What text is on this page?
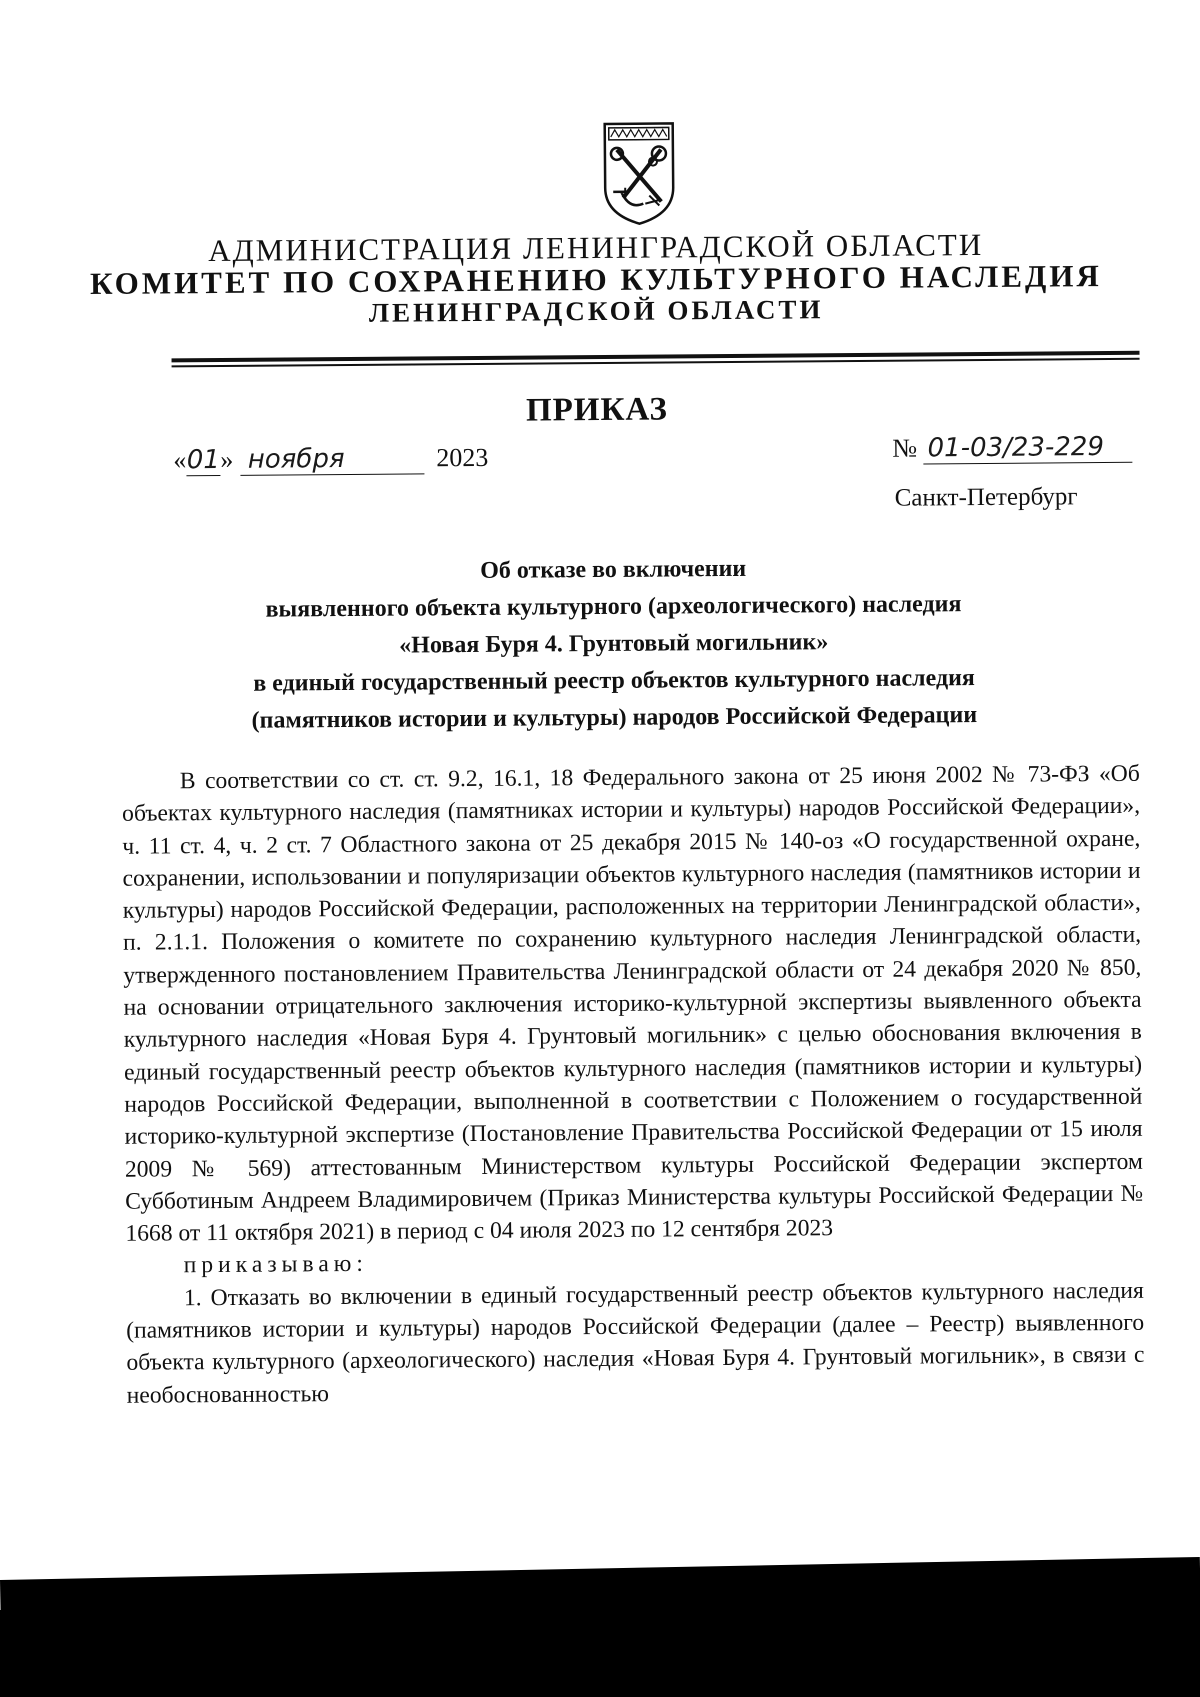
АДМИНИСТРАЦИЯ ЛЕНИНГРАДСКОЙ ОБЛАСТИ
КОМИТЕТ ПО СОХРАНЕНИЮ КУЛЬТУРНОГО НАСЛЕДИЯ
ЛЕНИНГРАДСКОЙ ОБЛАСТИ
ПРИКАЗ
«01» ноября	2023	№ 01-03/23-229
Санкт-Петербург
Об отказе во включении
выявленного объекта культурного (археологического) наследия
«Новая Буря 4. Грунтовый могильник»
в единый государственный реестр объектов культурного наследия
(памятников истории и культуры) народов Российской Федерации

В соответствии со ст. ст. 9.2, 16.1, 18 Федерального закона от 25 июня 2002 № 73-ФЗ «Об объектах культурного наследия (памятниках истории и культуры) народов Российской Федерации», ч. 11 ст. 4, ч. 2 ст. 7 Областного закона от 25 декабря 2015 № 140-оз «О государственной охране, сохранении, использовании и популяризации объектов культурного наследия (памятников истории и культуры) народов Российской Федерации, расположенных на территории Ленинградской области», п. 2.1.1. Положения о комитете по сохранению культурного наследия Ленинградской области, утвержденного постановлением Правительства Ленинградской области от 24 декабря 2020 № 850, на основании отрицательного заключения историко-культурной экспертизы выявленного объекта культурного наследия «Новая Буря 4. Грунтовый могильник» с целью обоснования включения в единый государственный реестр объектов культурного наследия (памятников истории и культуры) народов Российской Федерации, выполненной в соответствии с Положением о государственной историко-культурной экспертизе (Постановление Правительства Российской Федерации от 15 июля 2009 № 569) аттестованным Министерством культуры Российской Федерации экспертом Субботиным Андреем Владимировичем (Приказ Министерства культуры Российской Федерации № 1668 от 11 октября 2021) в период с 04 июля 2023 по 12 сентября 2023

приказываю:

1. Отказать во включении в единый государственный реестр объектов культурного наследия (памятников истории и культуры) народов Российской Федерации (далее – Реестр) выявленного объекта культурного (археологического) наследия «Новая Буря 4. Грунтовый могильник», в связи с необоснованностью
